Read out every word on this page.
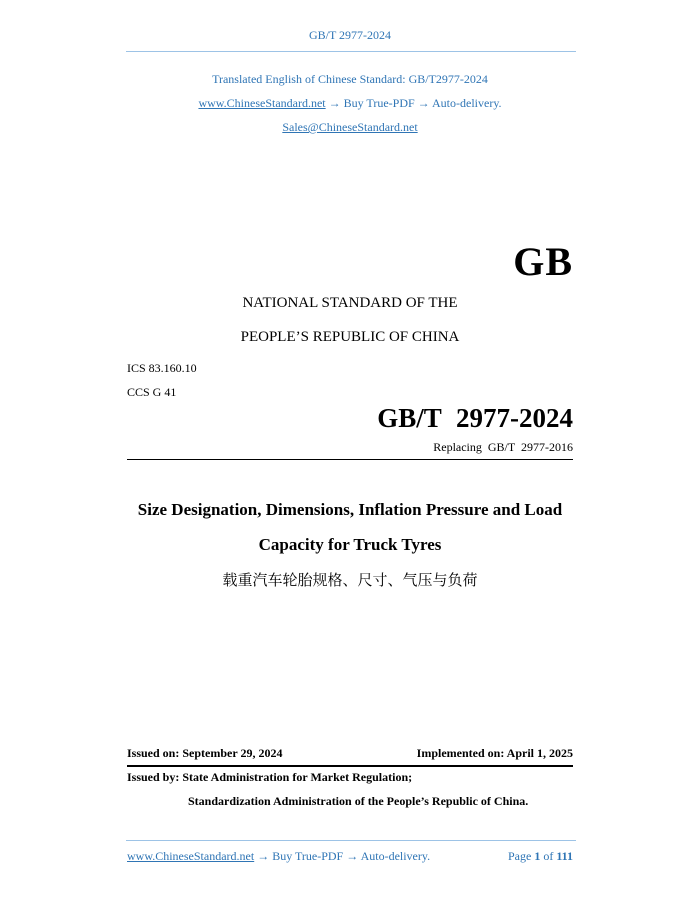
GB/T 2977-2024
Translated English of Chinese Standard: GB/T2977-2024
www.ChineseStandard.net → Buy True-PDF → Auto-delivery.
Sales@ChineseStandard.net
GB
NATIONAL STANDARD OF THE
PEOPLE’S REPUBLIC OF CHINA
ICS 83.160.10
CCS G 41
GB/T 2977-2024
Replacing GB/T 2977-2016
Size Designation, Dimensions, Inflation Pressure and Load
Capacity for Truck Tyres
载重汽车轮胎规格、尺寸、气压与负荷
Issued on: September 29, 2024	Implemented on: April 1, 2025
Issued by: State Administration for Market Regulation;
Standardization Administration of the People’s Republic of China.
www.ChineseStandard.net → Buy True-PDF → Auto-delivery.	Page 1 of 111
